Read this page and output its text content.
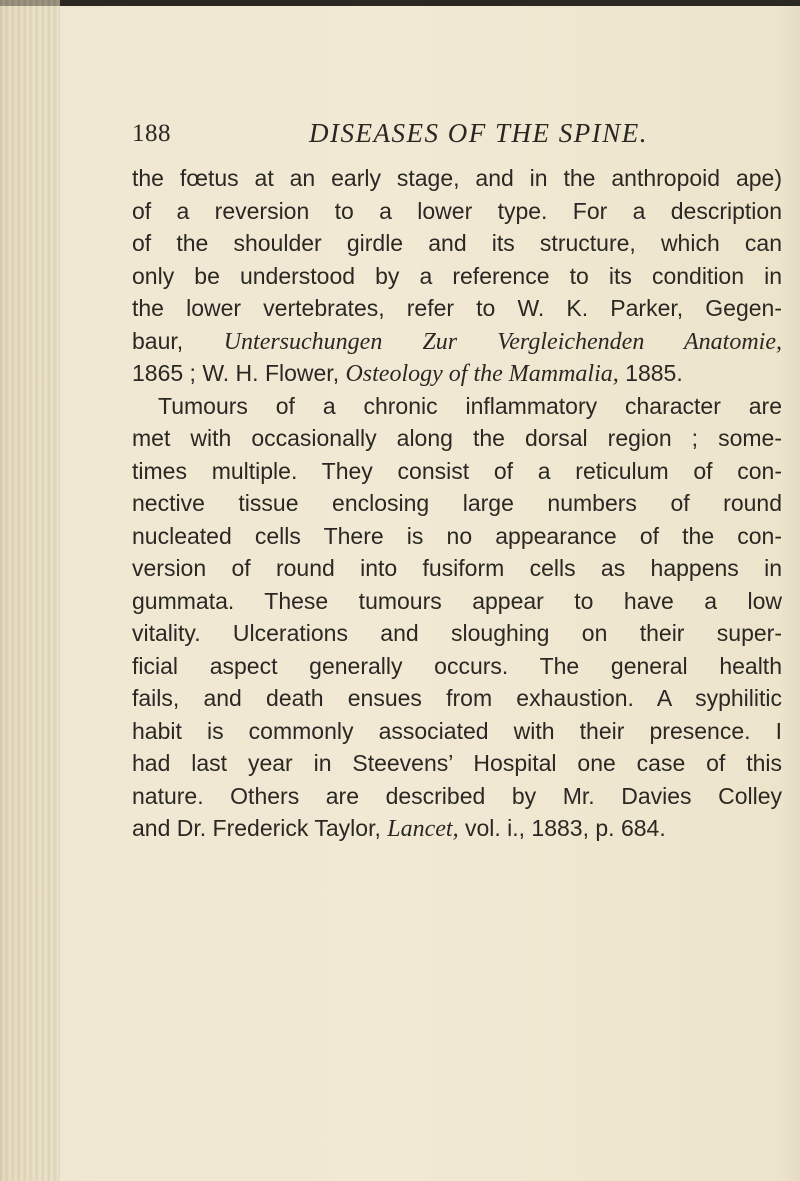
188	DISEASES OF THE SPINE.
the fœtus at an early stage, and in the anthropoid ape)
of a reversion to a lower type. For a description
of the shoulder girdle and its structure, which can
only be understood by a reference to its condition in
the lower vertebrates, refer to W. K. Parker, Gegen-
baur, Untersuchungen Zur Vergleichenden Anatomie,
1865 ; W. H. Flower, Osteology of the Mammalia, 1885.
Tumours of a chronic inflammatory character are
met with occasionally along the dorsal region ; some-
times multiple. They consist of a reticulum of con-
nective tissue enclosing large numbers of round
nucleated cells There is no appearance of the con-
version of round into fusiform cells as happens in
gummata. These tumours appear to have a low
vitality. Ulcerations and sloughing on their super-
ficial aspect generally occurs. The general health
fails, and death ensues from exhaustion. A syphilitic
habit is commonly associated with their presence. I
had last year in Steevens’ Hospital one case of this
nature. Others are described by Mr. Davies Colley
and Dr. Frederick Taylor, Lancet, vol. i., 1883, p. 684.
